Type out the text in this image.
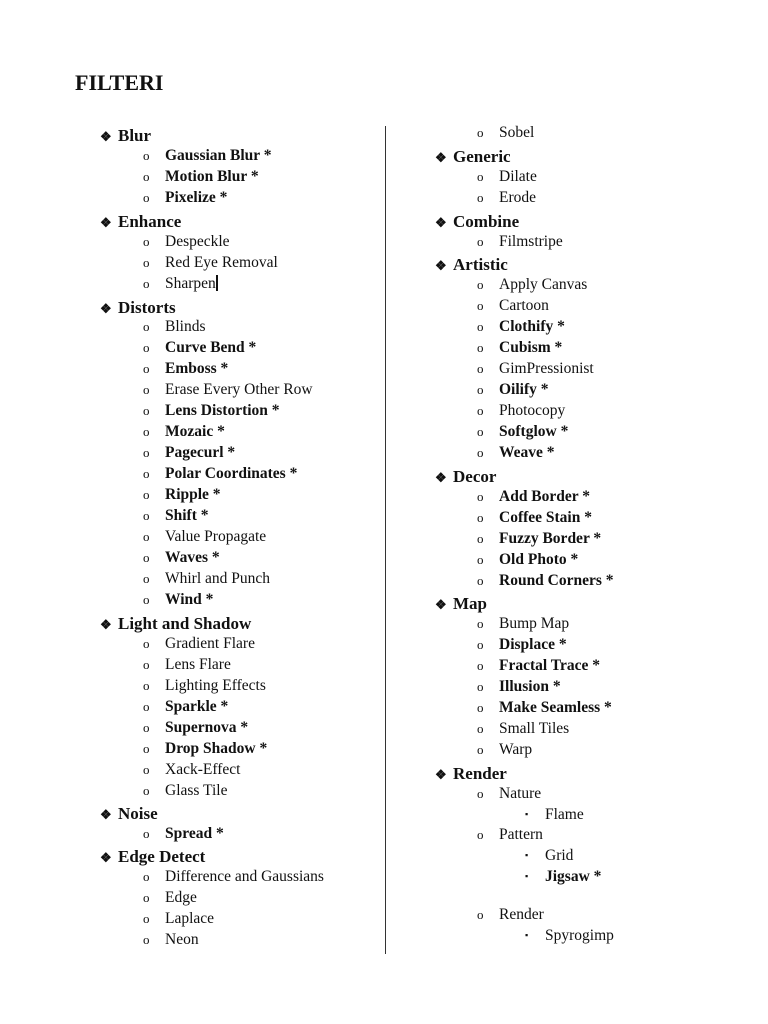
FILTERI
❖ Blur
o Gaussian Blur *
o Motion Blur *
o Pixelize *
❖ Enhance
o Despeckle
o Red Eye Removal
o Sharpen
❖ Distorts
o Blinds
o Curve Bend *
o Emboss *
o Erase Every Other Row
o Lens Distortion *
o Mozaic *
o Pagecurl *
o Polar Coordinates *
o Ripple *
o Shift *
o Value Propagate
o Waves *
o Whirl and Punch
o Wind *
❖ Light and Shadow
o Gradient Flare
o Lens Flare
o Lighting Effects
o Sparkle *
o Supernova *
o Drop Shadow *
o Xack-Effect
o Glass Tile
❖ Noise
o Spread *
❖ Edge Detect
o Difference and Gaussians
o Edge
o Laplace
o Neon
o Sobel
❖ Generic
o Dilate
o Erode
❖ Combine
o Filmstripe
❖ Artistic
o Apply Canvas
o Cartoon
o Clothify *
o Cubism *
o GimPressionist
o Oilify *
o Photocopy
o Softglow *
o Weave *
❖ Decor
o Add Border *
o Coffee Stain *
o Fuzzy Border *
o Old Photo *
o Round Corners *
❖ Map
o Bump Map
o Displace *
o Fractal Trace *
o Illusion *
o Make Seamless *
o Small Tiles
o Warp
❖ Render
o Nature
▪ Flame
o Pattern
▪ Grid
▪ Jigsaw *
o Render
▪ Spyrogimp
